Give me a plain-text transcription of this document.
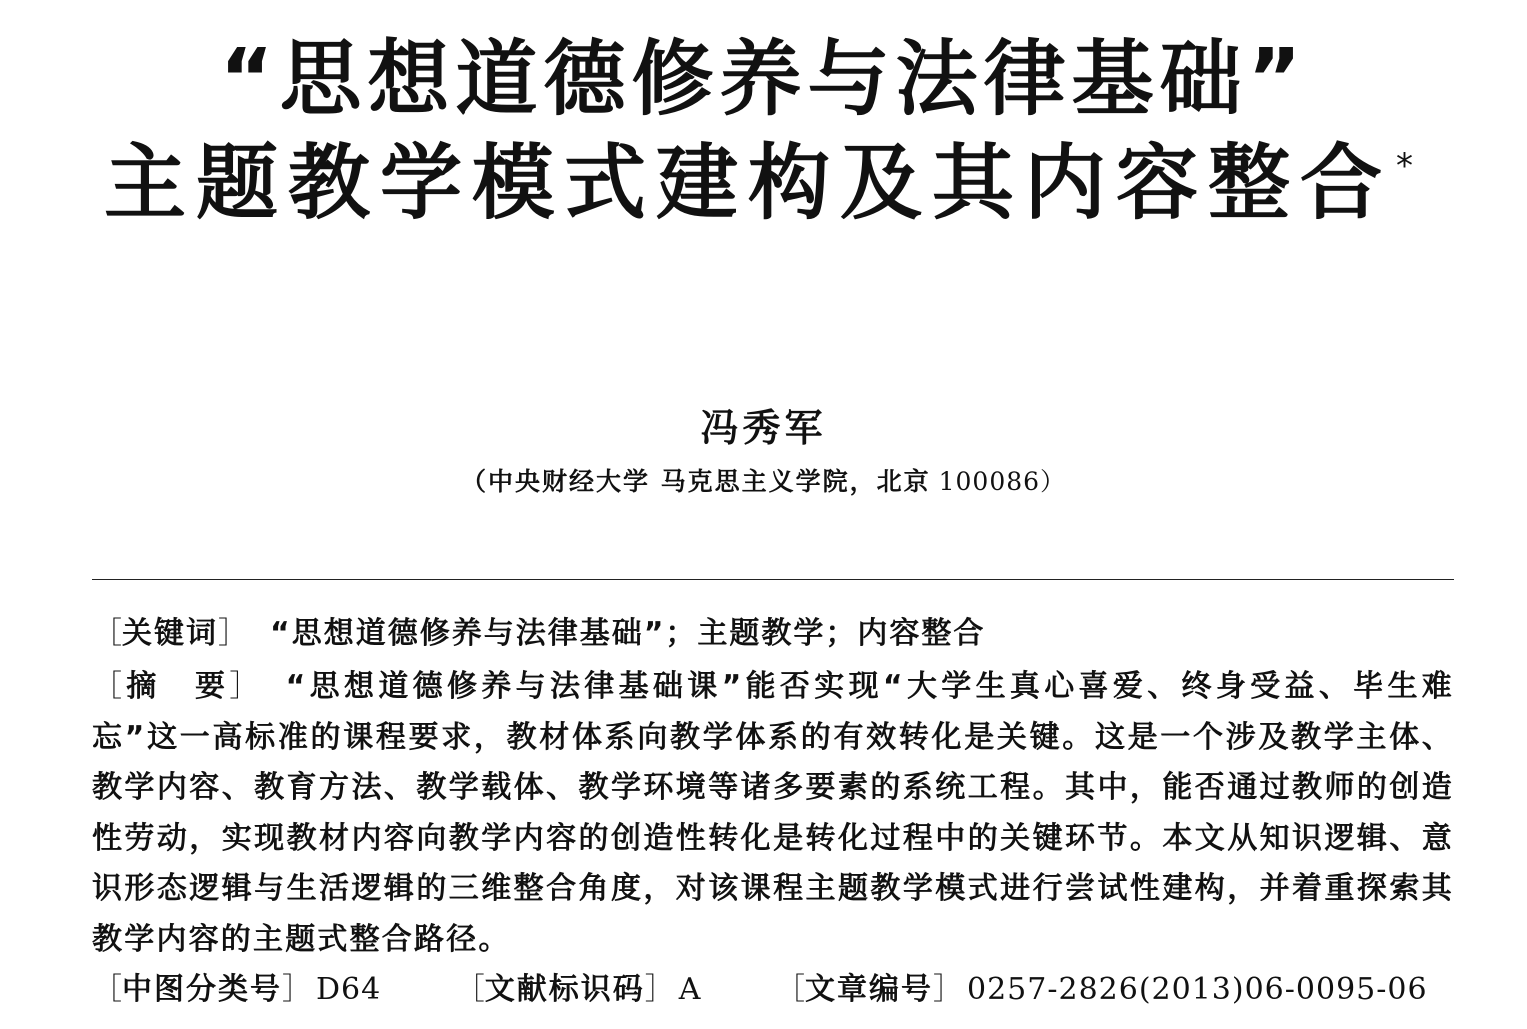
“思想道德修养与法律基础”
主题教学模式建构及其内容整合 *
冯秀军
（中央财经大学 马克思主义学院，北京 100086）
［关键词］ “思想道德修养与法律基础”；主题教学；内容整合
［摘　要］ “思想道德修养与法律基础课”能否实现“大学生真心喜爱、终身受益、毕生难忘”这一高标准的课程要求，教材体系向教学体系的有效转化是关键。这是一个涉及教学主体、教学内容、教育方法、教学载体、教学环境等诸多要素的系统工程。其中，能否通过教师的创造性劳动，实现教材内容向教学内容的创造性转化是转化过程中的关键环节。本文从知识逻辑、意识形态逻辑与生活逻辑的三维整合角度，对该课程主题教学模式进行尝试性建构，并着重探索其教学内容的主题式整合路径。
［中图分类号］ D64 ［文献标识码］ A ［文章编号］ 0257-2826(2013)06-0095-06
